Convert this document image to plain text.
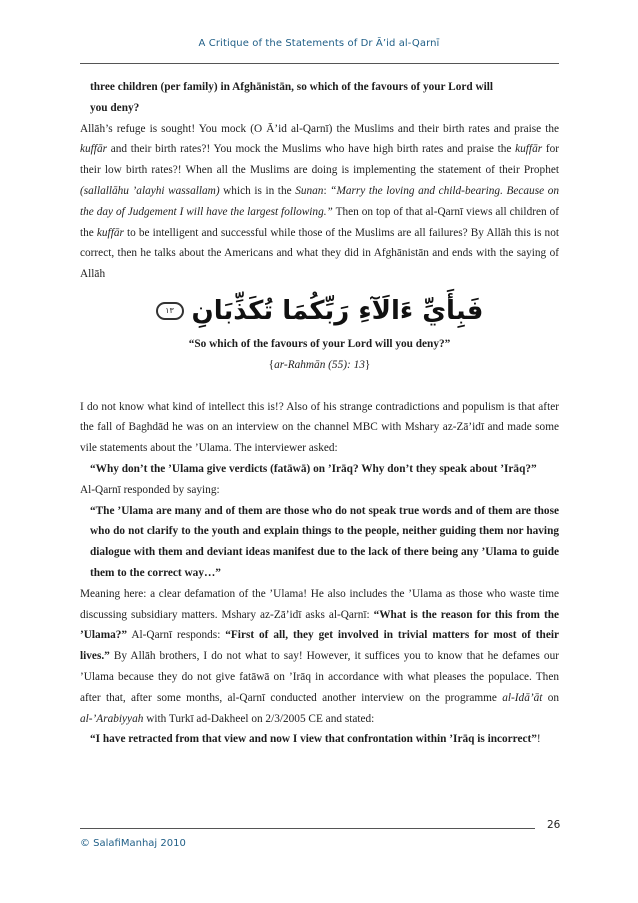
A Critique of the Statements of Dr Ā’id al-Qarnī

three children (per family) in Afghānistān, so which of the favours of your Lord will
you deny?

Allāh’s refuge is sought! You mock (O Ā’id al-Qarnī) the Muslims and their birth rates and praise the kuffār and their birth rates?! You mock the Muslims who have high birth rates and praise the kuffār for their low birth rates?! When all the Muslims are doing is implementing the statement of their Prophet (sallallāhu ’alayhi wassallam) which is in the Sunan: “Marry the loving and child-bearing. Because on the day of Judgement I will have the largest following.” Then on top of that al-Qarnī views all children of the kuffār to be intelligent and successful while those of the Muslims are all failures? By Allāh this is not correct, then he talks about the Americans and what they did in Afghānistān and ends with the saying of Allāh

١٣ فَبِأَيِّ ءَالَآءِ رَبِّكُمَا تُكَذِّبَانِ

“So which of the favours of your Lord will you deny?”

{ar-Rahmān (55): 13}

I do not know what kind of intellect this is!? Also of his strange contradictions and populism is that after the fall of Baghdād he was on an interview on the channel MBC with Mshary az-Zā’idī and made some vile statements about the ’Ulama. The interviewer asked:

“Why don’t the ’Ulama give verdicts (fatāwā) on ’Irāq? Why don’t they speak about ’Irāq?”

Al-Qarnī responded by saying:

“The ’Ulama are many and of them are those who do not speak true words and of them are those who do not clarify to the youth and explain things to the people, neither guiding them nor having dialogue with them and deviant ideas manifest due to the lack of there being any ’Ulama to guide them to the correct way…”

Meaning here: a clear defamation of the ’Ulama! He also includes the ’Ulama as those who waste time discussing subsidiary matters. Mshary az-Zā’idī asks al-Qarnī: “What is the reason for this from the ’Ulama?” Al-Qarnī responds: “First of all, they get involved in trivial matters for most of their lives.” By Allāh brothers, I do not what to say! However, it suffices you to know that he defames our ’Ulama because they do not give fatāwā on ’Irāq in accordance with what pleases the populace. Then after that, after some months, al-Qarnī conducted another interview on the programme al-Idā’āt on al-’Arabiyyah with Turkī ad-Dakheel on 2/3/2005 CE and stated:

“I have retracted from that view and now I view that confrontation within ’Irāq is incorrect”!

26
© SalafiManhaj 2010
